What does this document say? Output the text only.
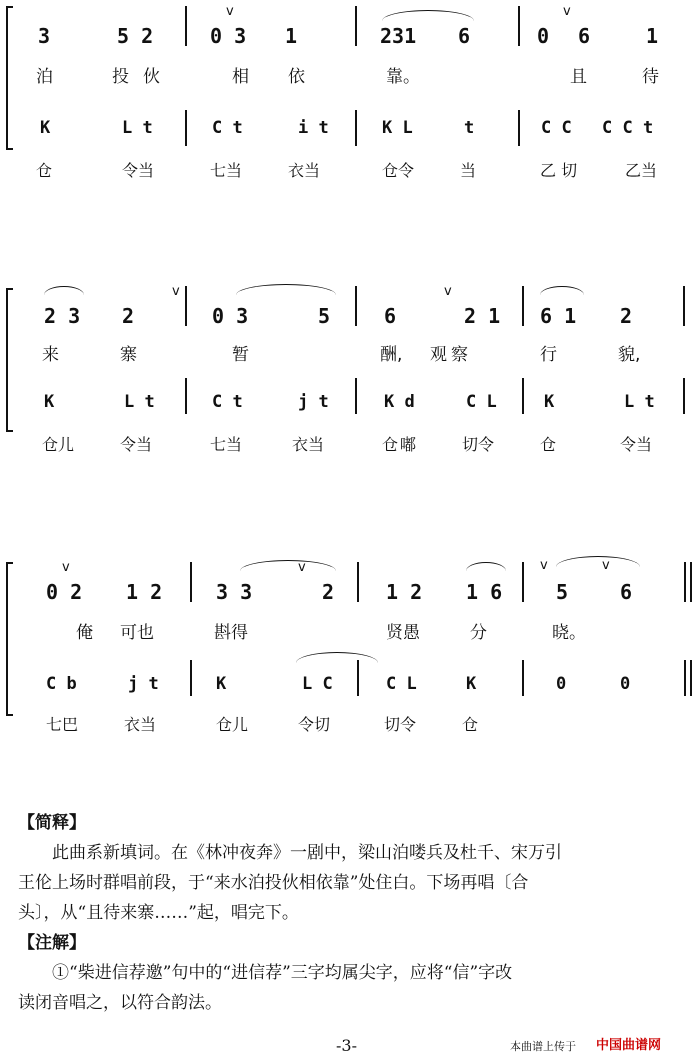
v	v
3	5 2	0 3 1	231 6	0 6	1
泊	投伙	相 依	靠。	且	待
K	L t	C t	i t	K L	t	C C C C t
仓	令当	七当	衣当	仓令	当	乙 切	乙当
v	v
2 3 2	0 3	5	6	2 1 6 1 2
来	寨	暂	酬, 观察	行	貌,
K	L t	C t	j t	K d	C L	K	L t
仓儿	令当	七当	衣当	仓 嘟	切令	仓	令当
v	v	v	v
0 2 1 2	3 3	2	1 2 1 6	5	6
俺 可也	斟得	贤愚	分	晓。
C b	j t	K	L C	C L	K	0	0
七巴	衣当	仓儿	令切	切令	仓
【简释】
此曲系新填词。在《林冲夜奔》一剧中，梁山泊喽兵及杜千、宋万引
王伦上场时群唱前段，于“来水泊投伙相依靠”处住白。下场再唱〔合
头〕，从“且待来寨……”起，唱完下。
【注解】
①“柴进信荐邀”句中的“进信荐”三字均属尖字，应将“信”字改
读闭音唱之，以符合韵法。
-3-	本曲谱上传于 中国曲谱网
